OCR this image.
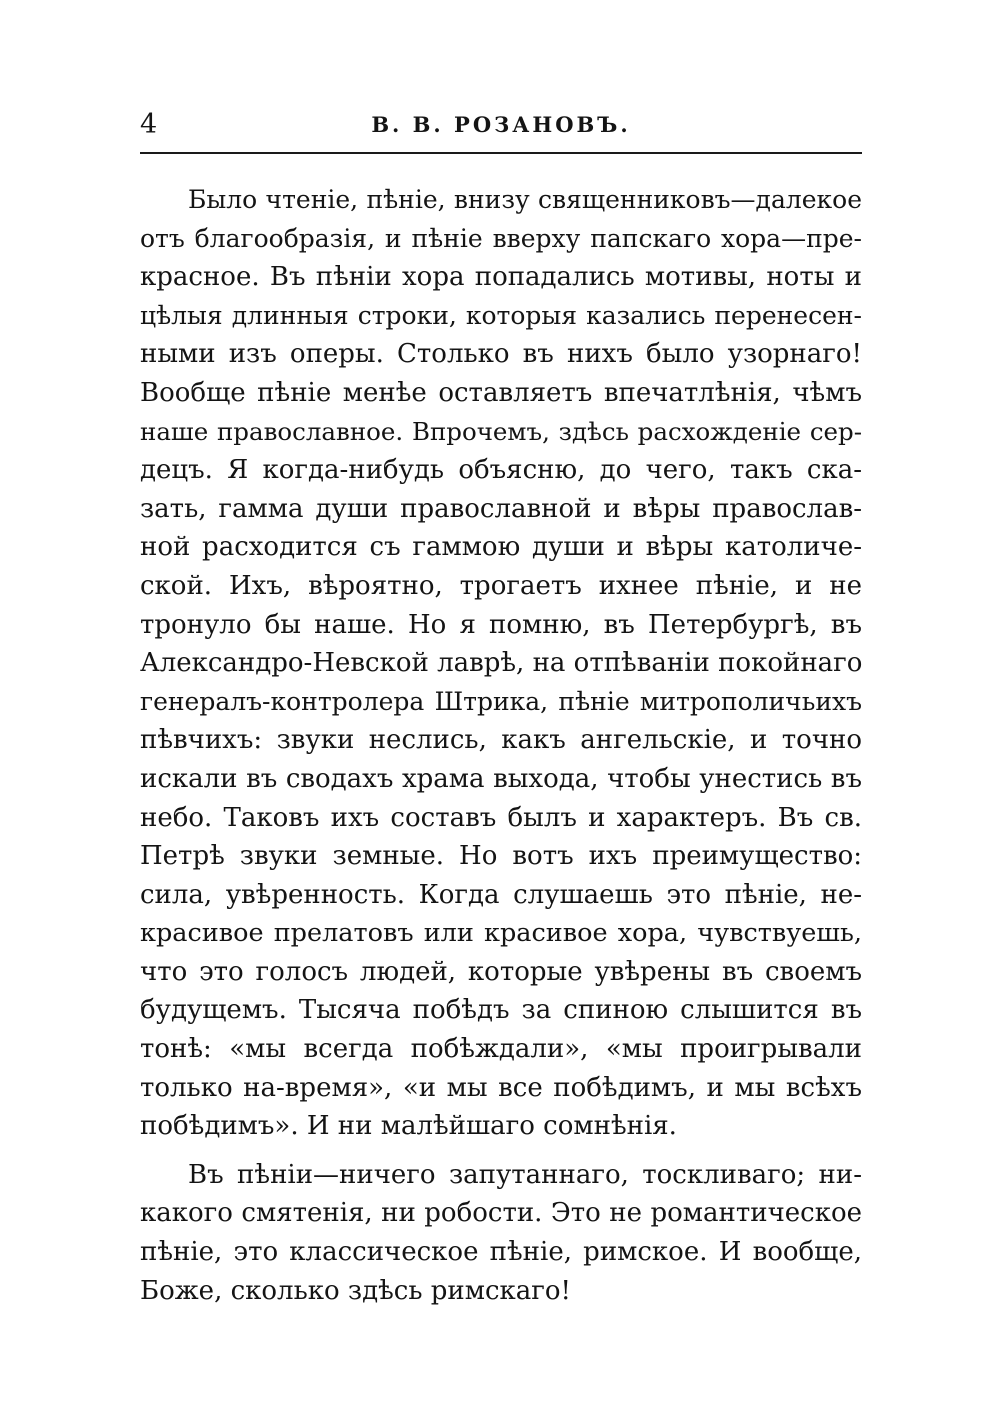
4	В. В. РОЗАНОВЪ.
Было чтеніе, пѣніе, внизу священниковъ—далекое
отъ благообразія, и пѣніе вверху папскаго хора—пре-
красное. Въ пѣніи хора попадались мотивы, ноты и
цѣлыя длинныя строки, которыя казались перенесен-
ными изъ оперы. Столько въ нихъ было узорнаго!
Вообще пѣніе менѣе оставляетъ впечатлѣнія, чѣмъ
наше православное. Впрочемъ, здѣсь расхожденіе сер-
децъ. Я когда-нибудь объясню, до чего, такъ ска-
зать, гамма души православной и вѣры православ-
ной расходится съ гаммою души и вѣры католиче-
ской. Ихъ, вѣроятно, трогаетъ ихнее пѣніе, и не
тронуло бы наше. Но я помню, въ Петербургѣ, въ
Александро-Невской лаврѣ, на отпѣваніи покойнаго
генералъ-контролера Штрика, пѣніе митрополичьихъ
пѣвчихъ: звуки неслись, какъ ангельскіе, и точно
искали въ сводахъ храма выхода, чтобы унестись въ
небо. Таковъ ихъ составъ былъ и характеръ. Въ св.
Петрѣ звуки земные. Но вотъ ихъ преимущество:
сила, увѣренность. Когда слушаешь это пѣніе, не-
красивое прелатовъ или красивое хора, чувствуешь,
что это голосъ людей, которые увѣрены въ своемъ
будущемъ. Тысяча побѣдъ за спиною слышится въ
тонѣ: «мы всегда побѣждали», «мы проигрывали
только на-время», «и мы все побѣдимъ, и мы всѣхъ
побѣдимъ». И ни малѣйшаго сомнѣнія.
Въ пѣніи—ничего запутаннаго, тоскливаго; ни-
какого смятенія, ни робости. Это не романтическое
пѣніе, это классическое пѣніе, римское. И вообще,
Боже, сколько здѣсь римскаго!
